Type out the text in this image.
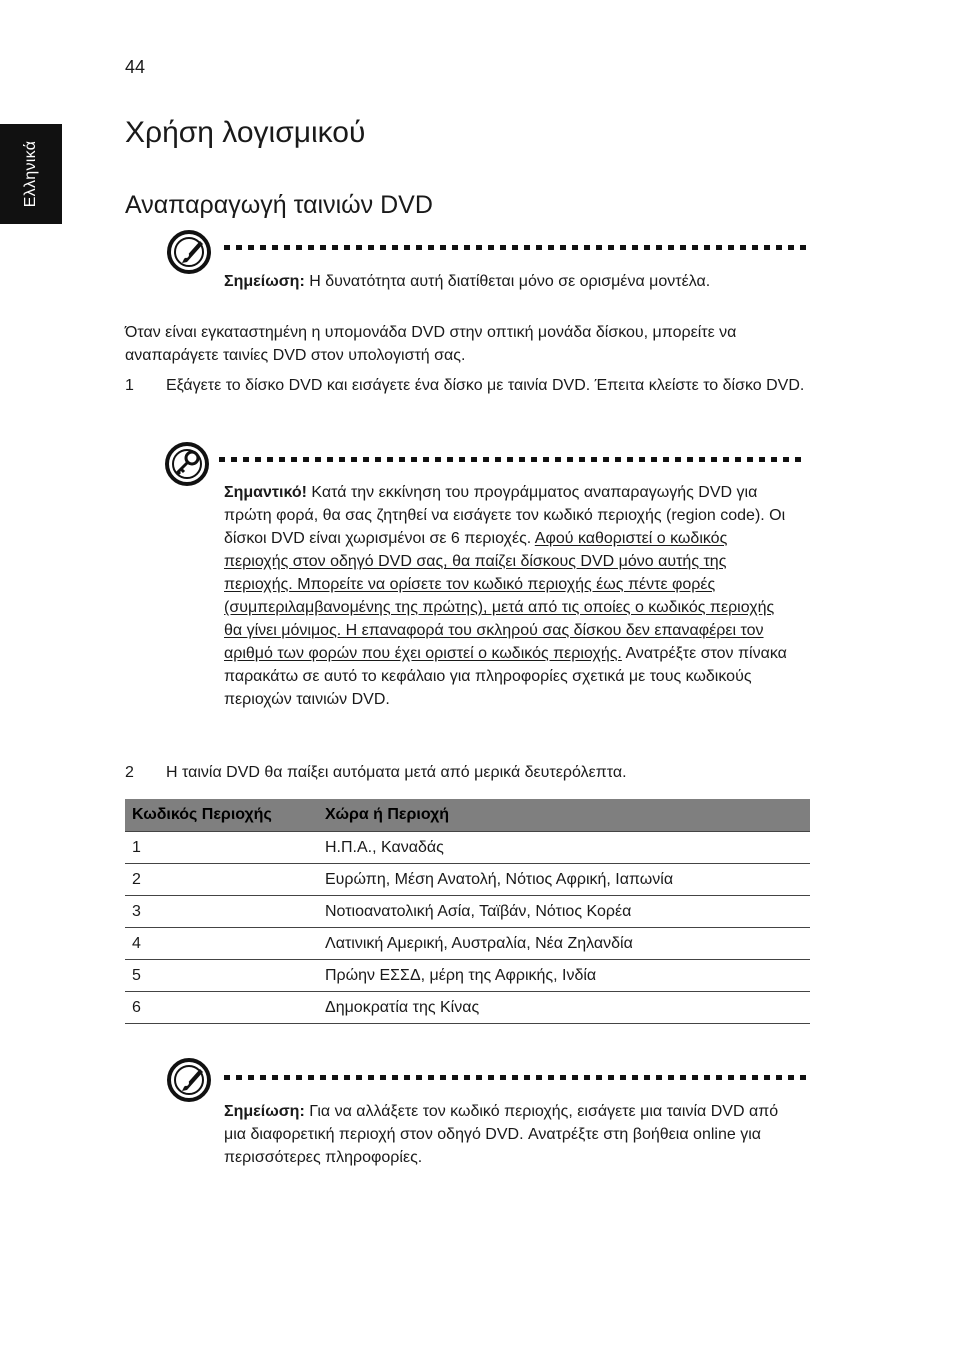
44
Ελληνικά
Χρήση λογισμικού
Αναπαραγωγή ταινιών DVD
Σημείωση: Η δυνατότητα αυτή διατίθεται μόνο σε ορισμένα μοντέλα.
Όταν είναι εγκαταστημένη η υπομονάδα DVD στην οπτική μονάδα δίσκου, μπορείτε να αναπαράγετε ταινίες DVD στον υπολογιστή σας.
1 Εξάγετε το δίσκο DVD και εισάγετε ένα δίσκο με ταινία DVD. Έπειτα κλείστε το δίσκο DVD.
Σημαντικό! Κατά την εκκίνηση του προγράμματος αναπαραγωγής DVD για πρώτη φορά, θα σας ζητηθεί να εισάγετε τον κωδικό περιοχής (region code). Οι δίσκοι DVD είναι χωρισμένοι σε 6 περιοχές. Αφού καθοριστεί ο κωδικός περιοχής στον οδηγό DVD σας, θα παίζει δίσκους DVD μόνο αυτής της περιοχής. Μπορείτε να ορίσετε τον κωδικό περιοχής έως πέντε φορές (συμπεριλαμβανομένης της πρώτης), μετά από τις οποίες ο κωδικός περιοχής θα γίνει μόνιμος. Η επαναφορά του σκληρού σας δίσκου δεν επαναφέρει τον αριθμό των φορών που έχει οριστεί ο κωδικός περιοχής. Ανατρέξτε στον πίνακα παρακάτω σε αυτό το κεφάλαιο για πληροφορίες σχετικά με τους κωδικούς περιοχών ταινιών DVD.
2 Η ταινία DVD θα παίξει αυτόματα μετά από μερικά δευτερόλεπτα.
Κωδικός Περιοχής	Χώρα ή Περιοχή
1	Η.Π.Α., Καναδάς
2	Ευρώπη, Μέση Ανατολή, Νότιος Αφρική, Ιαπωνία
3	Νοτιοανατολική Ασία, Ταϊβάν, Νότιος Κορέα
4	Λατινική Αμερική, Αυστραλία, Νέα Ζηλανδία
5	Πρώην ΕΣΣΔ, μέρη της Αφρικής, Ινδία
6	Δημοκρατία της Κίνας
Σημείωση: Για να αλλάξετε τον κωδικό περιοχής, εισάγετε μια ταινία DVD από μια διαφορετική περιοχή στον οδηγό DVD. Ανατρέξτε στη βοήθεια online για περισσότερες πληροφορίες.
